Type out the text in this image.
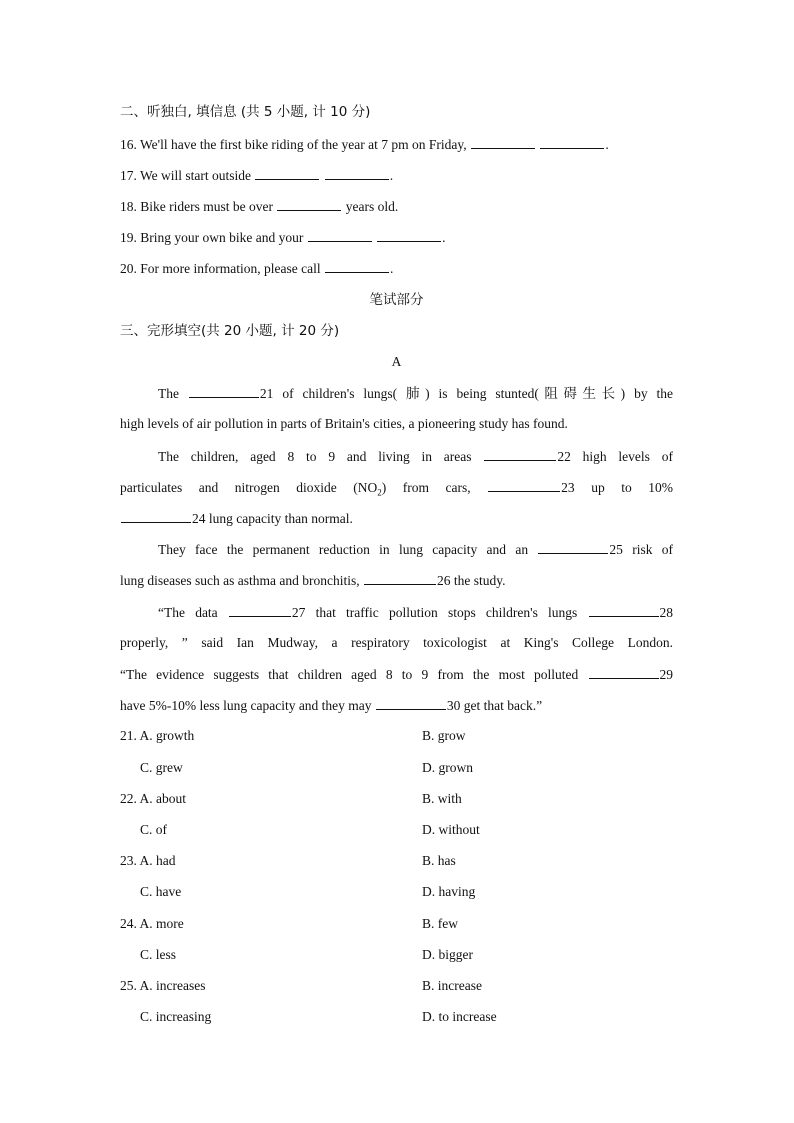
二、听独白, 填信息 (共 5 小题, 计 10 分)
16. We'll have the first bike riding of the year at 7 pm on Friday,	.
17. We will start outside	.
18. Bike riders must be over	years old.
19. Bring your own bike and your	.
20. For more information, please call	.
笔试部分
三、完形填空(共 20 小题, 计 20 分)
A
The	21 of children's lungs( 肺) is being stunted(阻碍生长) by the
high levels of air pollution in parts of Britain's cities, a pioneering study has found.
The children, aged 8 to 9 and living in areas	22 high levels of
particulates and nitrogen dioxide $(NO_2)$ from cars,	23 up to 10%
24 lung capacity than normal.
They face the permanent reduction in lung capacity and an	25 risk of
lung diseases such as asthma and bronchitis,	26 the study.
“The data	27 that traffic pollution stops children's lungs	28
properly, ” said Ian Mudway, a respiratory toxicologist at King's College London.
“The evidence suggests that children aged 8 to 9 from the most polluted	29
have 5%-10% less lung capacity and they may	30 get that back.”
21. A. growth	B. grow
C. grew	D. grown
22. A. about	B. with
C. of	D. without
23. A. had	B. has
C. have	D. having
24. A. more	B. few
C. less	D. bigger
25. A. increases	B. increase
C. increasing	D. to increase
